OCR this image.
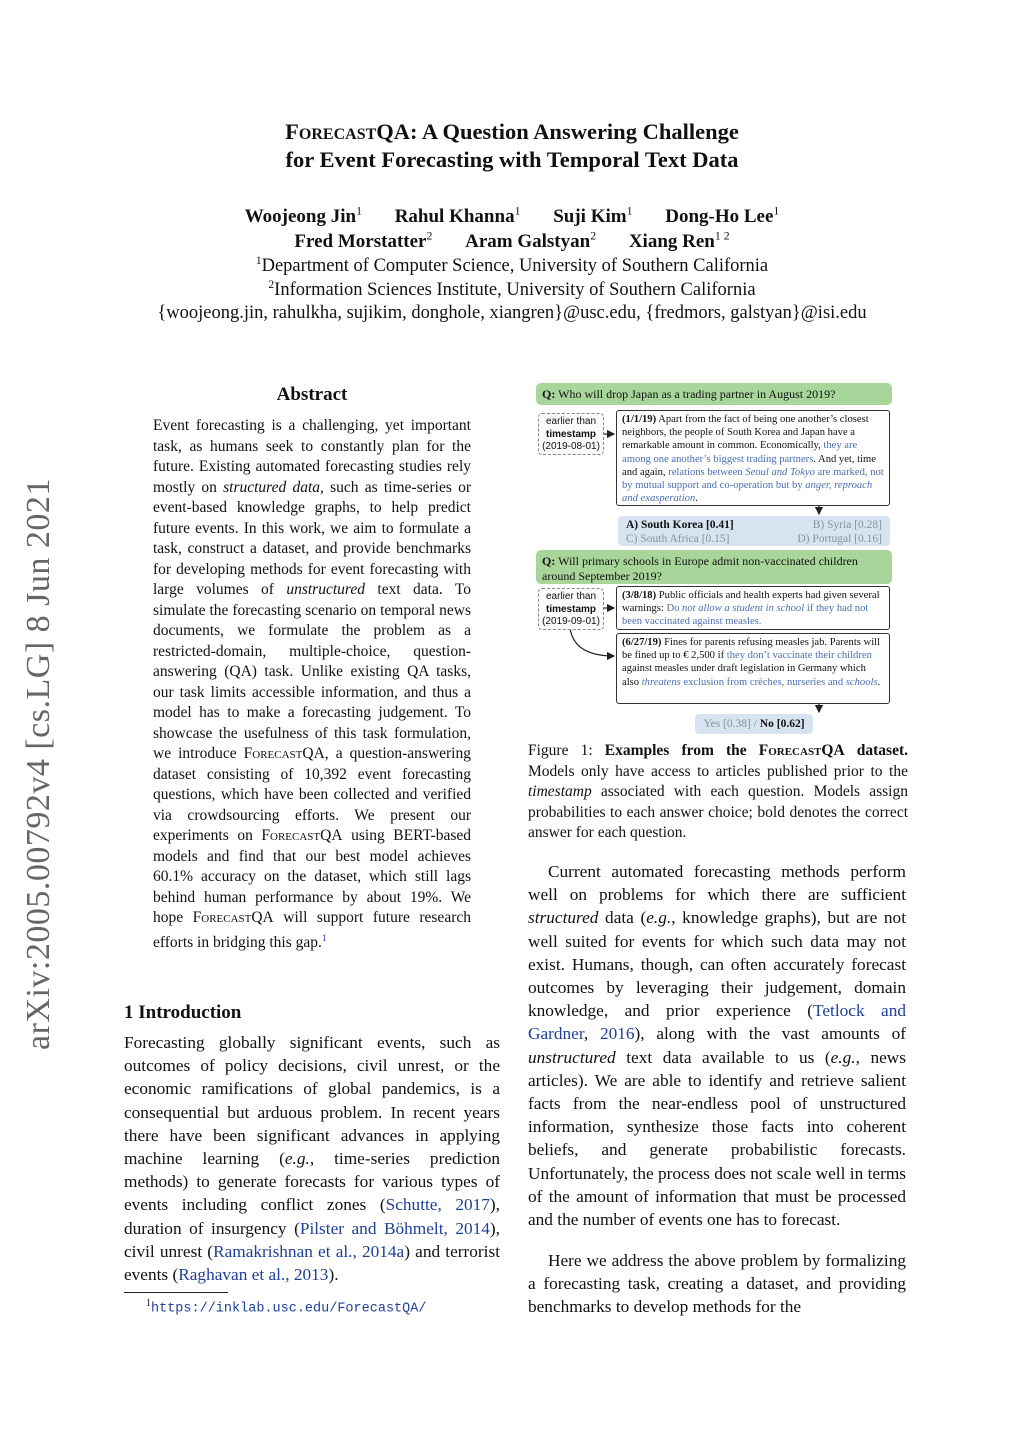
arXiv:2005.00792v4 [cs.LG] 8 Jun 2021
ForecastQA: A Question Answering Challenge
for Event Forecasting with Temporal Text Data
Woojeong Jin$^1$ Rahul Khanna$^1$ Suji Kim$^1$ Dong-Ho Lee$^1$
Fred Morstatter$^2$ Aram Galstyan$^2$ Xiang Ren$^{1 2}$
$^1$Department of Computer Science, University of Southern California
$^2$Information Sciences Institute, University of Southern California
{woojeong.jin, rahulkha, sujikim, donghole, xiangren}@usc.edu, {fredmors, galstyan}@isi.edu
Abstract
Event forecasting is a challenging, yet important task, as humans seek to constantly plan for the future. Existing automated forecasting studies rely mostly on structured data, such as time-series or event-based knowledge graphs, to help predict future events. In this work, we aim to formulate a task, construct a dataset, and provide benchmarks for developing methods for event forecasting with large volumes of unstructured text data. To simulate the forecasting scenario on temporal news documents, we formulate the problem as a restricted-domain, multiple-choice, question-answering (QA) task. Unlike existing QA tasks, our task limits accessible information, and thus a model has to make a forecasting judgement. To showcase the usefulness of this task formulation, we introduce ForecastQA, a question-answering dataset consisting of 10,392 event forecasting questions, which have been collected and verified via crowdsourcing efforts. We present our experiments on ForecastQA using BERT-based models and find that our best model achieves 60.1% accuracy on the dataset, which still lags behind human performance by about 19%. We hope ForecastQA will support future research efforts in bridging this gap.$^1$
1 Introduction
Forecasting globally significant events, such as outcomes of policy decisions, civil unrest, or the economic ramifications of global pandemics, is a consequential but arduous problem. In recent years there have been significant advances in applying machine learning (e.g., time-series prediction methods) to generate forecasts for various types of events including conflict zones (Schutte, 2017), duration of insurgency (Pilster and Böhmelt, 2014), civil unrest (Ramakrishnan et al., 2014a) and terrorist events (Raghavan et al., 2013).
$^1$https://inklab.usc.edu/ForecastQA/
Q: Who will drop Japan as a trading partner in August 2019?
earlier than
timestamp
(2019-08-01)
(1/1/19) Apart from the fact of being one another’s closest neighbors, the people of South Korea and Japan have a remarkable amount in common. Economically, they are among one another’s biggest trading partners. And yet, time and again, relations between Seoul and Tokyo are marked, not by mutual support and co-operation but by anger, reproach and exasperation.
A) South Korea [0.41]	B) Syria [0.28]
C) South Africa [0.15]	D) Portugal [0.16]
Q: Will primary schools in Europe admit non-vaccinated children around September 2019?
earlier than
timestamp
(2019-09-01)
(3/8/18) Public officials and health experts had given several warnings: Do not allow a student in school if they had not been vaccinated against measles.
(6/27/19) Fines for parents refusing measles jab. Parents will be fined up to € 2,500 if they don’t vaccinate their children against measles under draft legislation in Germany which also threatens exclusion from crèches, nurseries and schools.
Yes [0.38] / No [0.62]
Figure 1: Examples from the ForecastQA dataset. Models only have access to articles published prior to the timestamp associated with each question. Models assign probabilities to each answer choice; bold denotes the correct answer for each question.
Current automated forecasting methods perform well on problems for which there are sufficient structured data (e.g., knowledge graphs), but are not well suited for events for which such data may not exist. Humans, though, can often accurately forecast outcomes by leveraging their judgement, domain knowledge, and prior experience (Tetlock and Gardner, 2016), along with the vast amounts of unstructured text data available to us (e.g., news articles). We are able to identify and retrieve salient facts from the near-endless pool of unstructured information, synthesize those facts into coherent beliefs, and generate probabilistic forecasts. Unfortunately, the process does not scale well in terms of the amount of information that must be processed and the number of events one has to forecast.
Here we address the above problem by formalizing a forecasting task, creating a dataset, and providing benchmarks to develop methods for the
